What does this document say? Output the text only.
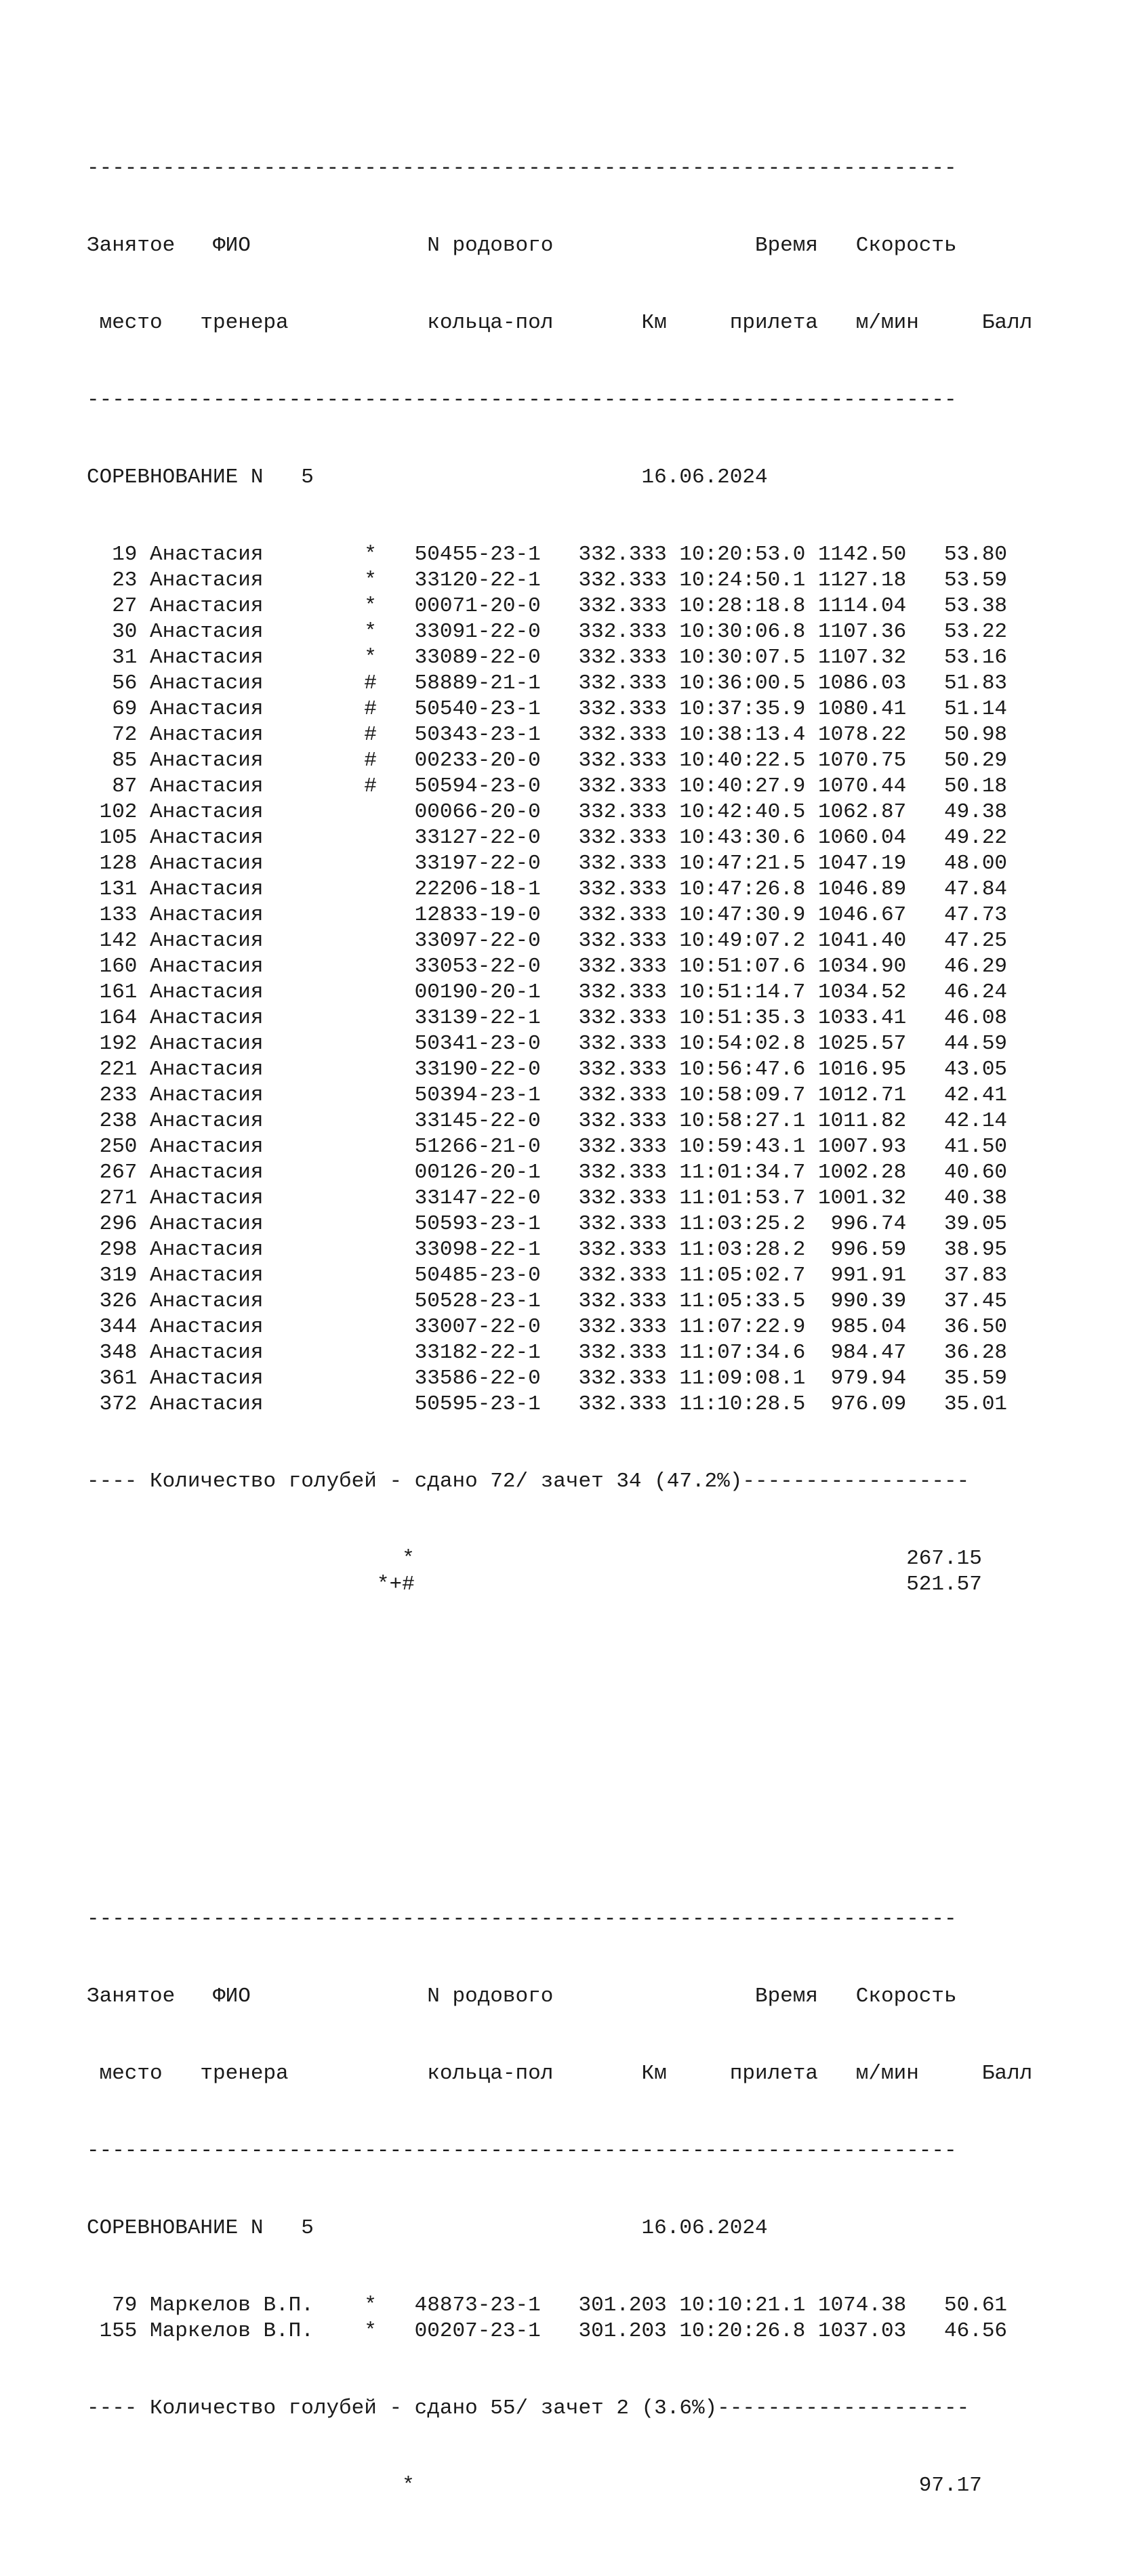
---------------------------------------------------------------------

Занятое   ФИО              N родового                Время   Скорость

место   тренера           кольца-пол       Км     прилета   м/мин     Балл

---------------------------------------------------------------------

СОРЕВНОВАНИЕ N   5                          16.06.2024

19 Анастасия        *   50455-23-1   332.333 10:20:53.0 1142.50   53.80
23 Анастасия        *   33120-22-1   332.333 10:24:50.1 1127.18   53.59
27 Анастасия        *   00071-20-0   332.333 10:28:18.8 1114.04   53.38
30 Анастасия        *   33091-22-0   332.333 10:30:06.8 1107.36   53.22
31 Анастасия        *   33089-22-0   332.333 10:30:07.5 1107.32   53.16
56 Анастасия        #   58889-21-1   332.333 10:36:00.5 1086.03   51.83
69 Анастасия        #   50540-23-1   332.333 10:37:35.9 1080.41   51.14
72 Анастасия        #   50343-23-1   332.333 10:38:13.4 1078.22   50.98
85 Анастасия        #   00233-20-0   332.333 10:40:22.5 1070.75   50.29
87 Анастасия        #   50594-23-0   332.333 10:40:27.9 1070.44   50.18
102 Анастасия            00066-20-0   332.333 10:42:40.5 1062.87   49.38
105 Анастасия            33127-22-0   332.333 10:43:30.6 1060.04   49.22
128 Анастасия            33197-22-0   332.333 10:47:21.5 1047.19   48.00
131 Анастасия            22206-18-1   332.333 10:47:26.8 1046.89   47.84
133 Анастасия            12833-19-0   332.333 10:47:30.9 1046.67   47.73
142 Анастасия            33097-22-0   332.333 10:49:07.2 1041.40   47.25
160 Анастасия            33053-22-0   332.333 10:51:07.6 1034.90   46.29
161 Анастасия            00190-20-1   332.333 10:51:14.7 1034.52   46.24
164 Анастасия            33139-22-1   332.333 10:51:35.3 1033.41   46.08
192 Анастасия            50341-23-0   332.333 10:54:02.8 1025.57   44.59
221 Анастасия            33190-22-0   332.333 10:56:47.6 1016.95   43.05
233 Анастасия            50394-23-1   332.333 10:58:09.7 1012.71   42.41
238 Анастасия            33145-22-0   332.333 10:58:27.1 1011.82   42.14
250 Анастасия            51266-21-0   332.333 10:59:43.1 1007.93   41.50
267 Анастасия            00126-20-1   332.333 11:01:34.7 1002.28   40.60
271 Анастасия            33147-22-0   332.333 11:01:53.7 1001.32   40.38
296 Анастасия            50593-23-1   332.333 11:03:25.2  996.74   39.05
298 Анастасия            33098-22-1   332.333 11:03:28.2  996.59   38.95
319 Анастасия            50485-23-0   332.333 11:05:02.7  991.91   37.83
326 Анастасия            50528-23-1   332.333 11:05:33.5  990.39   37.45
344 Анастасия            33007-22-0   332.333 11:07:22.9  985.04   36.50
348 Анастасия            33182-22-1   332.333 11:07:34.6  984.47   36.28
361 Анастасия            33586-22-0   332.333 11:09:08.1  979.94   35.59
372 Анастасия            50595-23-1   332.333 11:10:28.5  976.09   35.01

---- Количество голубей - сдано 72/ зачет 34 (47.2%)------------------

*                                       267.15
*+#                                       521.57

---------------------------------------------------------------------

Занятое   ФИО              N родового                Время   Скорость

место   тренера           кольца-пол       Км     прилета   м/мин     Балл

---------------------------------------------------------------------

СОРЕВНОВАНИЕ N   5                          16.06.2024

79 Маркелов В.П.    *   48873-23-1   301.203 10:10:21.1 1074.38   50.61
155 Маркелов В.П.    *   00207-23-1   301.203 10:20:26.8 1037.03   46.56

---- Количество голубей - сдано 55/ зачет 2 (3.6%)--------------------

*                                        97.17
